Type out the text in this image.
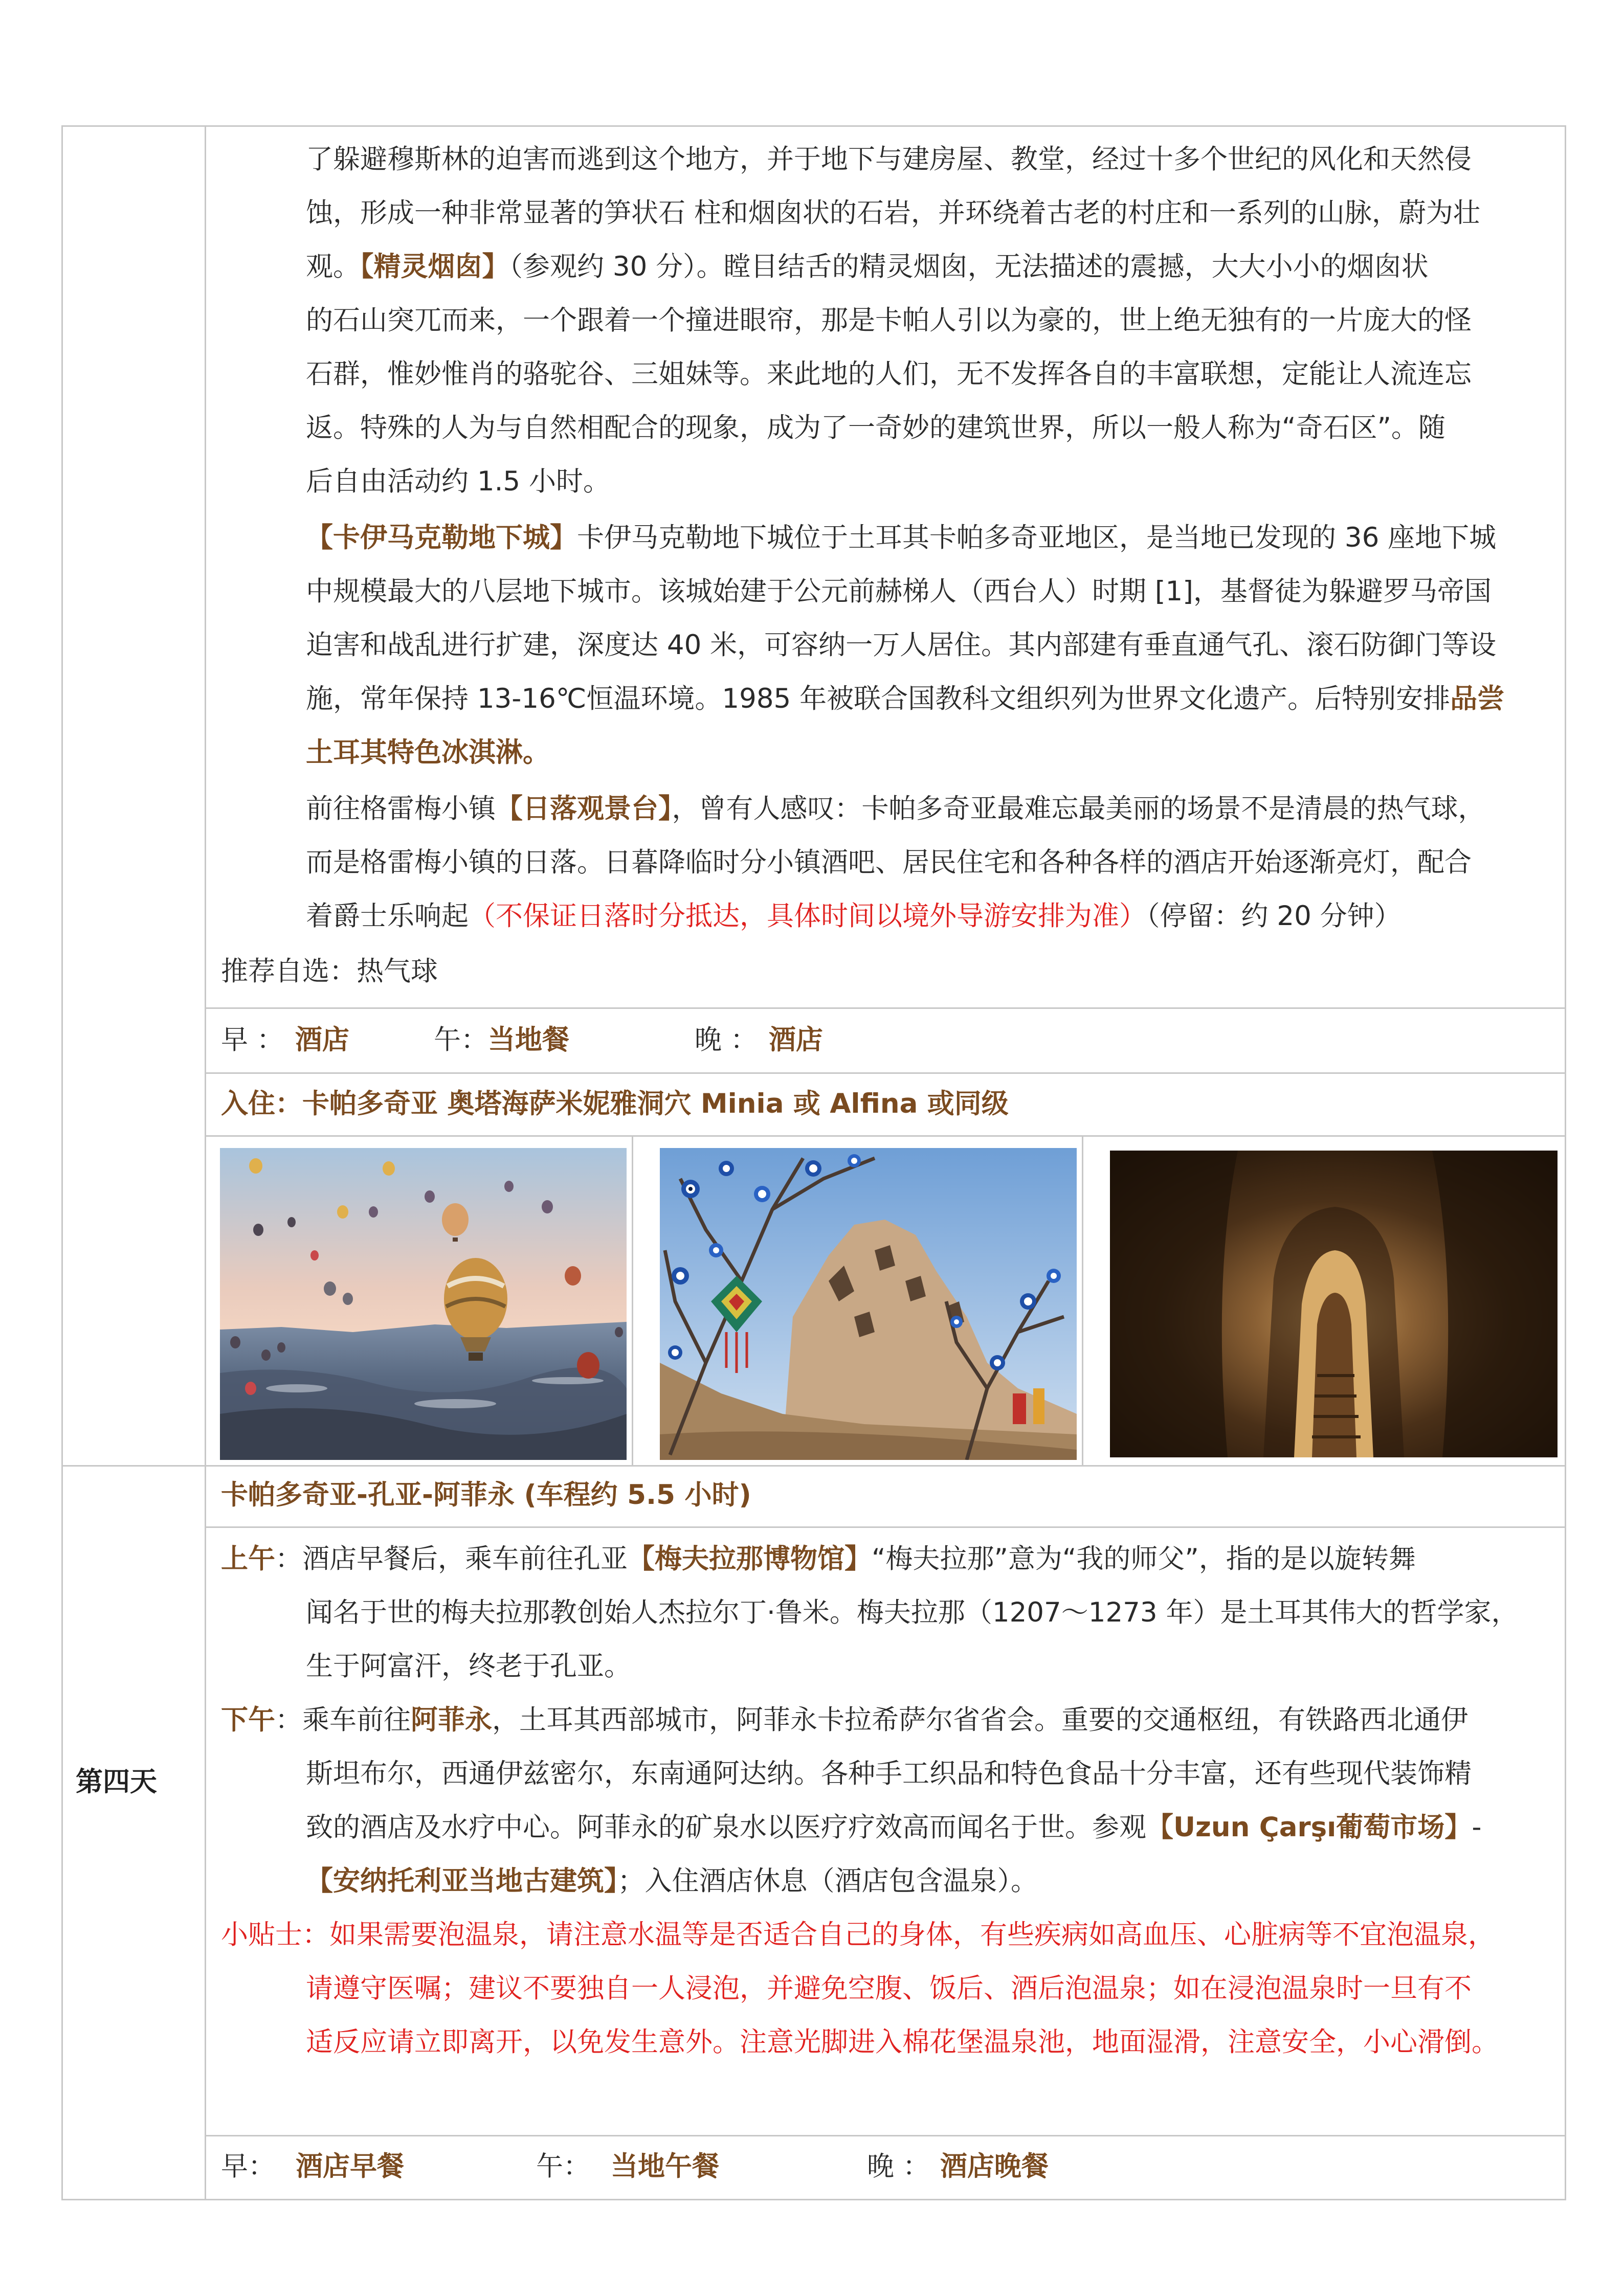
了躲避穆斯林的迫害而逃到这个地方，并于地下与建房屋、教堂，经过十多个世纪的风化和天然侵
蚀，形成一种非常显著的笋状石 柱和烟囱状的石岩，并环绕着古老的村庄和一系列的山脉，蔚为壮
观。【精灵烟囱】（参观约 30 分）。瞠目结舌的精灵烟囱，无法描述的震撼，大大小小的烟囱状
的石山突兀而来，一个跟着一个撞进眼帘，那是卡帕人引以为豪的，世上绝无独有的一片庞大的怪
石群，惟妙惟肖的骆驼谷、三姐妹等。来此地的人们，无不发挥各自的丰富联想，定能让人流连忘
返。特殊的人为与自然相配合的现象，成为了一奇妙的建筑世界，所以一般人称为“奇石区”。随
后自由活动约 1.5 小时。
【卡伊马克勒地下城】卡伊马克勒地下城位于土耳其卡帕多奇亚地区，是当地已发现的 36 座地下城
中规模最大的八层地下城市。该城始建于公元前赫梯人（西台人）时期 [1]，基督徒为躲避罗马帝国
迫害和战乱进行扩建，深度达 40 米，可容纳一万人居住。其内部建有垂直通气孔、滚石防御门等设
施，常年保持 13-16℃恒温环境。1985 年被联合国教科文组织列为世界文化遗产。后特别安排品尝
土耳其特色冰淇淋。
前往格雷梅小镇【日落观景台】，曾有人感叹：卡帕多奇亚最难忘最美丽的场景不是清晨的热气球，
而是格雷梅小镇的日落。日暮降临时分小镇酒吧、居民住宅和各种各样的酒店开始逐渐亮灯，配合
着爵士乐响起（不保证日落时分抵达，具体时间以境外导游安排为准）（停留：约 20 分钟）
推荐自选：热气球
早 ： 酒店	午：当地餐	晚 ： 酒店
入住：卡帕多奇亚 奥塔海萨米妮雅洞穴 Minia 或 Alfina 或同级
第四天
卡帕多奇亚-孔亚-阿菲永 (车程约 5.5 小时)
上午：酒店早餐后，乘车前往孔亚【梅夫拉那博物馆】“梅夫拉那”意为“我的师父”，指的是以旋转舞
闻名于世的梅夫拉那教创始人杰拉尔丁·鲁米。梅夫拉那（1207～1273 年）是土耳其伟大的哲学家，
生于阿富汗，终老于孔亚。
下午：乘车前往阿菲永，土耳其西部城市，阿菲永卡拉希萨尔省省会。重要的交通枢纽，有铁路西北通伊
斯坦布尔，西通伊兹密尔，东南通阿达纳。各种手工织品和特色食品十分丰富，还有些现代装饰精
致的酒店及水疗中心。阿菲永的矿泉水以医疗疗效高而闻名于世。参观【Uzun Çarşı葡萄市场】-
【安纳托利亚当地古建筑】；入住酒店休息（酒店包含温泉）。
小贴士：如果需要泡温泉，请注意水温等是否适合自己的身体，有些疾病如高血压、心脏病等不宜泡温泉，
请遵守医嘱；建议不要独自一人浸泡，并避免空腹、饭后、酒后泡温泉；如在浸泡温泉时一旦有不
适反应请立即离开，以免发生意外。注意光脚进入棉花堡温泉池，地面湿滑，注意安全，小心滑倒。
早： 酒店早餐	午： 当地午餐	晚 ： 酒店晚餐
